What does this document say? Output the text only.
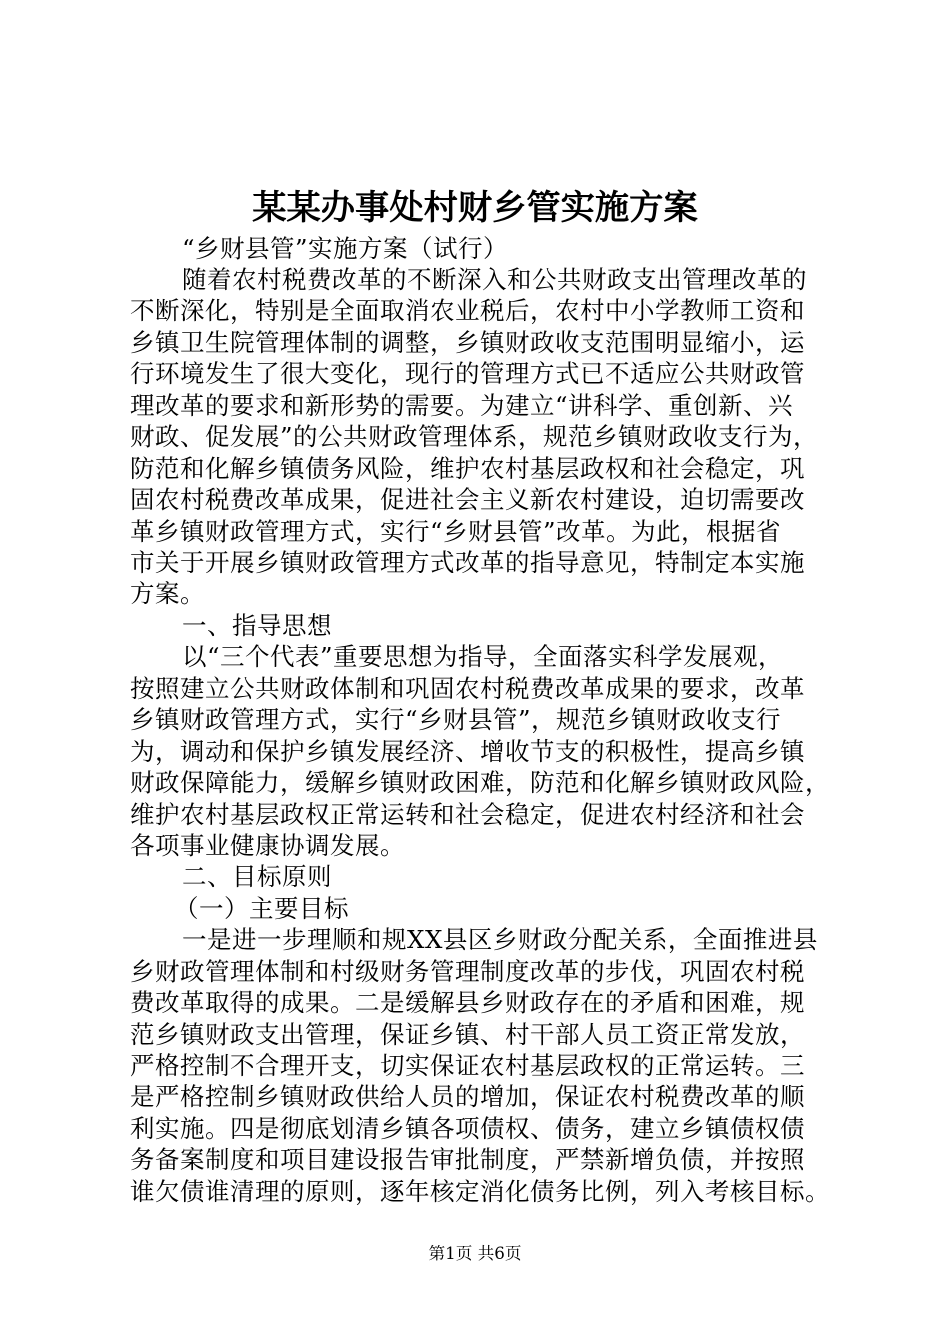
某某办事处村财乡管实施方案
“乡财县管”实施方案（试行）
随着农村税费改革的不断深入和公共财政支出管理改革的
不断深化，特别是全面取消农业税后，农村中小学教师工资和
乡镇卫生院管理体制的调整，乡镇财政收支范围明显缩小，运
行环境发生了很大变化，现行的管理方式已不适应公共财政管
理改革的要求和新形势的需要。为建立“讲科学、重创新、兴
财政、促发展”的公共财政管理体系，规范乡镇财政收支行为，
防范和化解乡镇债务风险，维护农村基层政权和社会稳定，巩
固农村税费改革成果，促进社会主义新农村建设，迫切需要改
革乡镇财政管理方式，实行“乡财县管”改革。为此，根据省
市关于开展乡镇财政管理方式改革的指导意见，特制定本实施
方案。
一、指导思想
以“三个代表”重要思想为指导，全面落实科学发展观，
按照建立公共财政体制和巩固农村税费改革成果的要求，改革
乡镇财政管理方式，实行“乡财县管”，规范乡镇财政收支行
为，调动和保护乡镇发展经济、增收节支的积极性，提高乡镇
财政保障能力，缓解乡镇财政困难，防范和化解乡镇财政风险，
维护农村基层政权正常运转和社会稳定，促进农村经济和社会
各项事业健康协调发展。
二、目标原则
（一）主要目标
一是进一步理顺和规XX县区乡财政分配关系，全面推进县
乡财政管理体制和村级财务管理制度改革的步伐，巩固农村税
费改革取得的成果。二是缓解县乡财政存在的矛盾和困难，规
范乡镇财政支出管理，保证乡镇、村干部人员工资正常发放，
严格控制不合理开支，切实保证农村基层政权的正常运转。三
是严格控制乡镇财政供给人员的增加，保证农村税费改革的顺
利实施。四是彻底划清乡镇各项债权、债务，建立乡镇债权债
务备案制度和项目建设报告审批制度，严禁新增负债，并按照
谁欠债谁清理的原则，逐年核定消化债务比例，列入考核目标。
第1页 共6页
